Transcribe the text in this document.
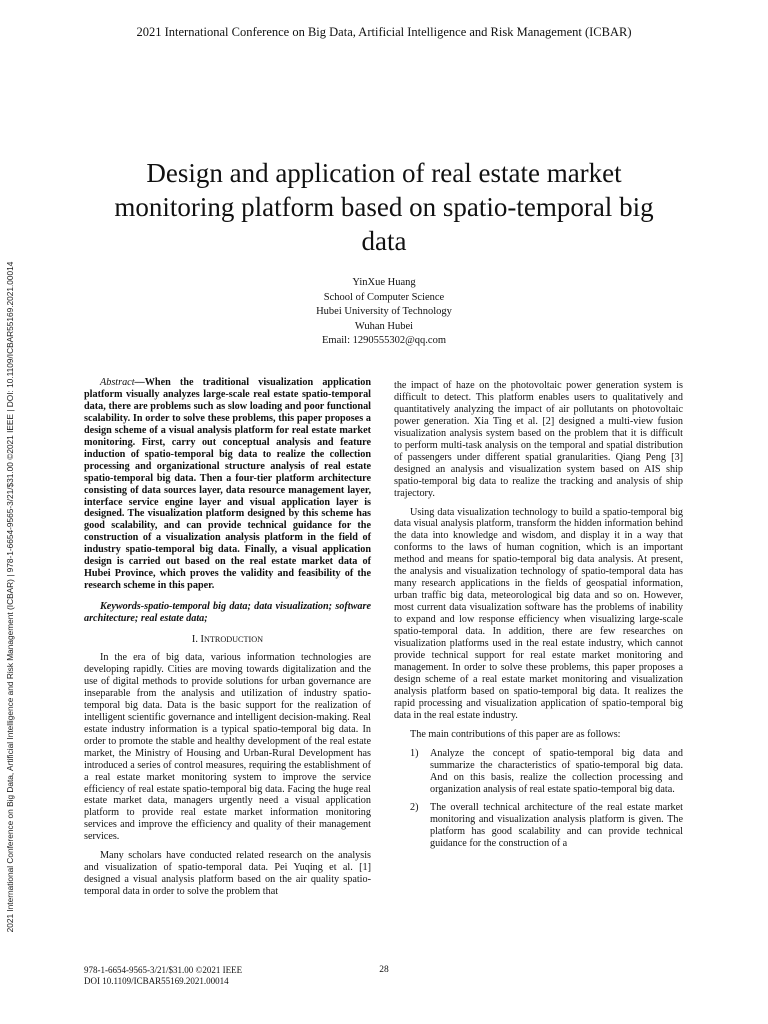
2021 International Conference on Big Data, Artificial Intelligence and Risk Management (ICBAR)
2021 International Conference on Big Data, Artificial Intelligence and Risk Management (ICBAR) | 978-1-6654-9565-3/21/$31.00 ©2021 IEEE | DOI: 10.1109/ICBAR55169.2021.00014
Design and application of real estate market monitoring platform based on spatio-temporal big data
YinXue Huang
School of Computer Science
Hubei University of Technology
Wuhan Hubei
Email: 1290555302@qq.com

Abstract—When the traditional visualization application platform visually analyzes large-scale real estate spatio-temporal data, there are problems such as slow loading and poor functional scalability. In order to solve these problems, this paper proposes a design scheme of a visual analysis platform for real estate market monitoring. First, carry out conceptual analysis and feature induction of spatio-temporal big data to realize the collection processing and organizational structure analysis of real estate spatio-temporal big data. Then a four-tier platform architecture consisting of data sources layer, data resource management layer, interface service engine layer and visual application layer is designed. The visualization platform designed by this scheme has good scalability, and can provide technical guidance for the construction of a visualization analysis platform in the field of industry spatio-temporal big data. Finally, a visual application design is carried out based on the real estate market data of Hubei Province, which proves the validity and feasibility of the research scheme in this paper.

Keywords-spatio-temporal big data; data visualization; software architecture; real estate data;

I. INTRODUCTION

In the era of big data, various information technologies are developing rapidly. Cities are moving towards digitalization and the use of digital methods to provide solutions for urban governance are inseparable from the analysis and utilization of industry spatio-temporal big data. Data is the basic support for the realization of intelligent scientific governance and intelligent decision-making. Real estate industry information is a typical spatio-temporal big data. In order to promote the stable and healthy development of the real estate market, the Ministry of Housing and Urban-Rural Development has introduced a series of control measures, requiring the establishment of a real estate market monitoring system to improve the service efficiency of real estate spatio-temporal big data. Facing the huge real estate market data, managers urgently need a visual application platform to provide real estate market information monitoring services and improve the efficiency and quality of their management services.

Many scholars have conducted related research on the analysis and visualization of spatio-temporal data. Pei Yuqing et al. [1] designed a visual analysis platform based on the air quality spatio-temporal data in order to solve the problem that

the impact of haze on the photovoltaic power generation system is difficult to detect. This platform enables users to qualitatively and quantitatively analyzing the impact of air pollutants on photovoltaic power generation. Xia Ting et al. [2] designed a multi-view fusion visualization analysis system based on the problem that it is difficult to perform multi-task analysis on the temporal and spatial distribution of passengers under different spatial granularities. Qiang Peng [3] designed an analysis and visualization system based on AIS ship spatio-temporal big data to realize the tracking and analysis of ship trajectory.

Using data visualization technology to build a spatio-temporal big data visual analysis platform, transform the hidden information behind the data into knowledge and wisdom, and display it in a way that conforms to the laws of human cognition, which is an important method and means for spatio-temporal big data analysis. At present, the analysis and visualization technology of spatio-temporal data has many research applications in the fields of geospatial information, urban traffic big data, meteorological big data and so on. However, most current data visualization software has the problems of inability to expand and low response efficiency when visualizing large-scale spatio-temporal data. In addition, there are few researches on visualization platforms used in the real estate industry, which cannot provide technical support for real estate market monitoring and management. In order to solve these problems, this paper proposes a design scheme of a real estate market monitoring and visualization analysis platform based on spatio-temporal big data. It realizes the rapid processing and visualization application of spatio-temporal big data in the real estate industry.

The main contributions of this paper are as follows:

1) Analyze the concept of spatio-temporal big data and summarize the characteristics of spatio-temporal big data. And on this basis, realize the collection processing and organization analysis of real estate spatio-temporal big data.
2) The overall technical architecture of the real estate market monitoring and visualization analysis platform is given. The platform has good scalability and can provide technical guidance for the construction of a
978-1-6654-9565-3/21/$31.00 ©2021 IEEE
DOI 10.1109/ICBAR55169.2021.00014
28
